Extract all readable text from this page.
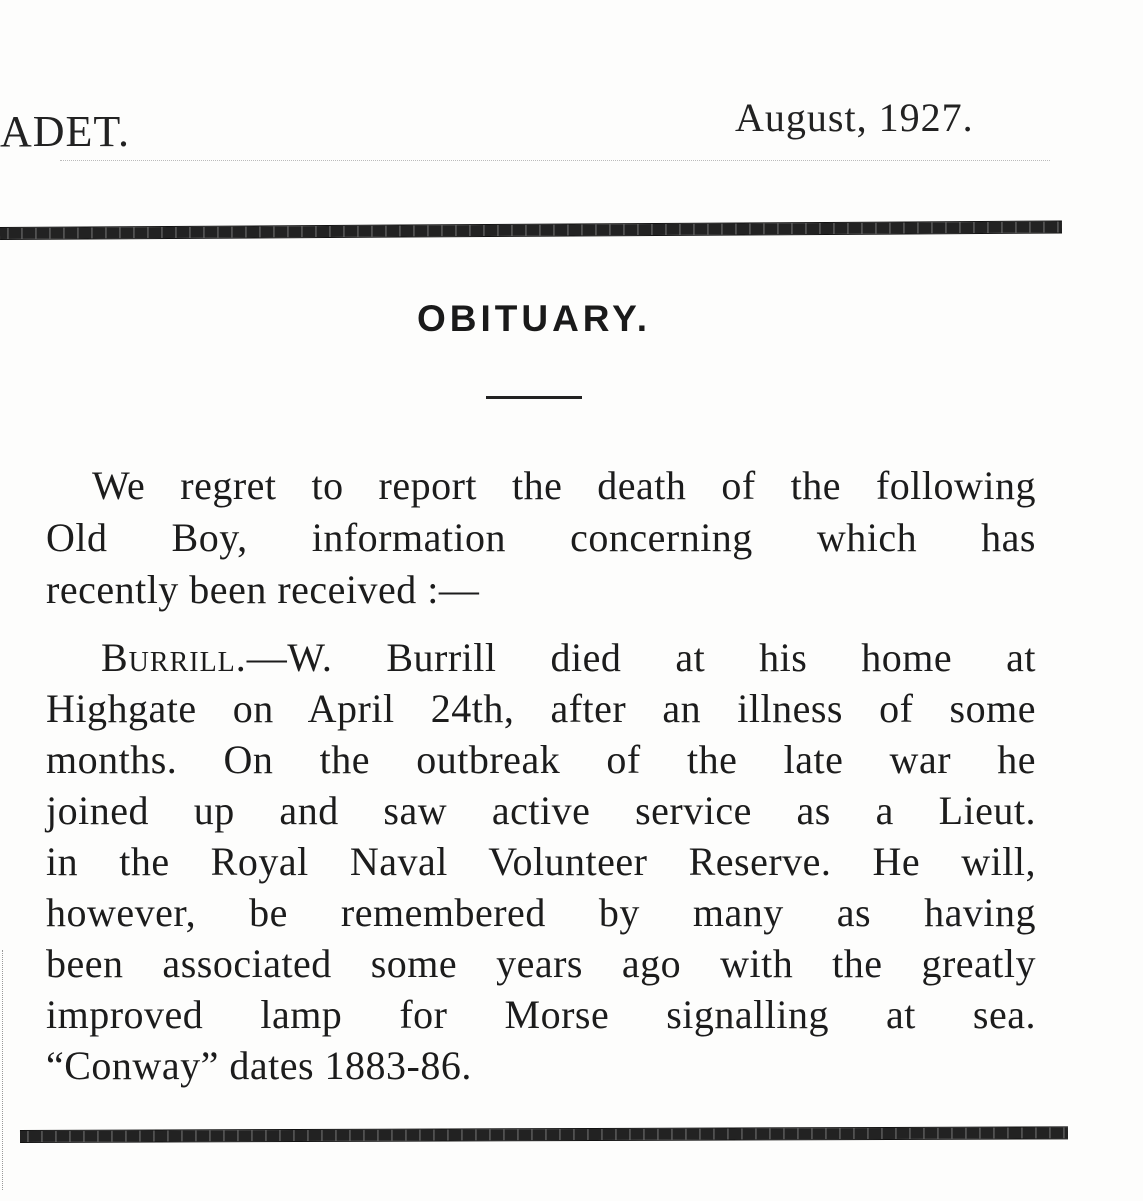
ADET.	August, 1927.
OBITUARY.
We regret to report the death of the following
Old Boy, information concerning which has
recently been received :—
Burrill.—W. Burrill died at his home at
Highgate on April 24th, after an illness of some
months. On the outbreak of the late war he
joined up and saw active service as a Lieut.
in the Royal Naval Volunteer Reserve. He will,
however, be remembered by many as having
been associated some years ago with the greatly
improved lamp for Morse signalling at sea.
“Conway” dates 1883-86.
